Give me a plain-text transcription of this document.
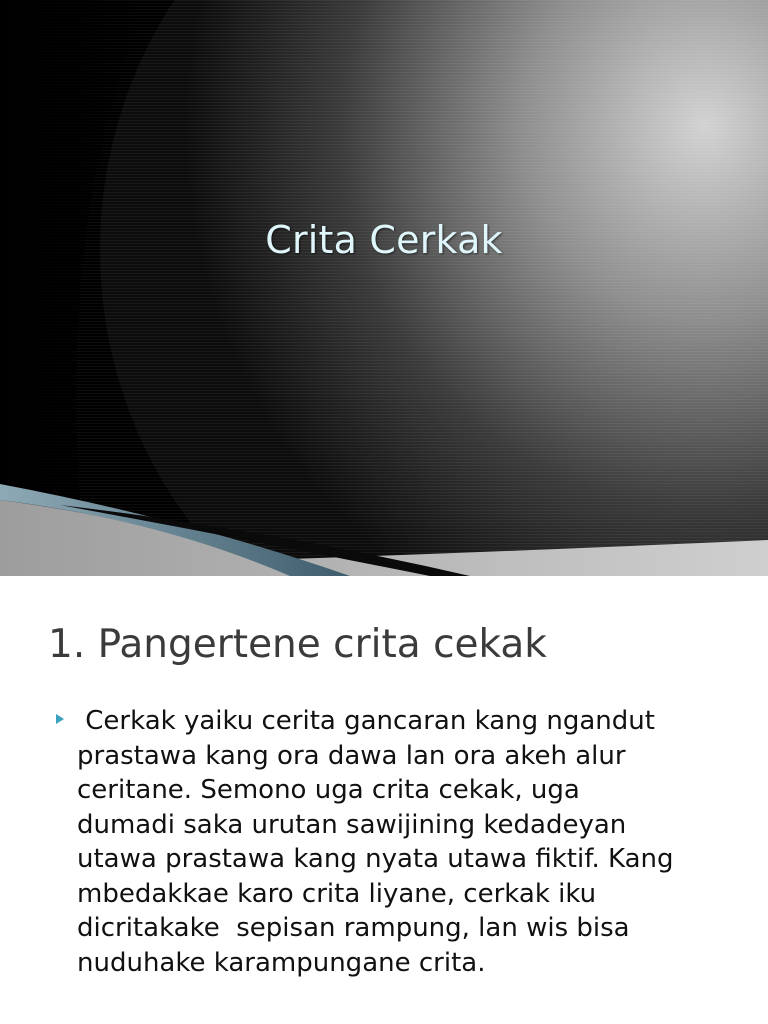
Crita Cerkak
1. Pangertene crita cekak

Cerkak yaiku cerita gancaran kang ngandut
prastawa kang ora dawa lan ora akeh alur
ceritane. Semono uga crita cekak, uga
dumadi saka urutan sawijining kedadeyan
utawa prastawa kang nyata utawa fiktif. Kang
mbedakkae karo crita liyane, cerkak iku
dicritakake  sepisan rampung, lan wis bisa
nuduhake karampungane crita.
